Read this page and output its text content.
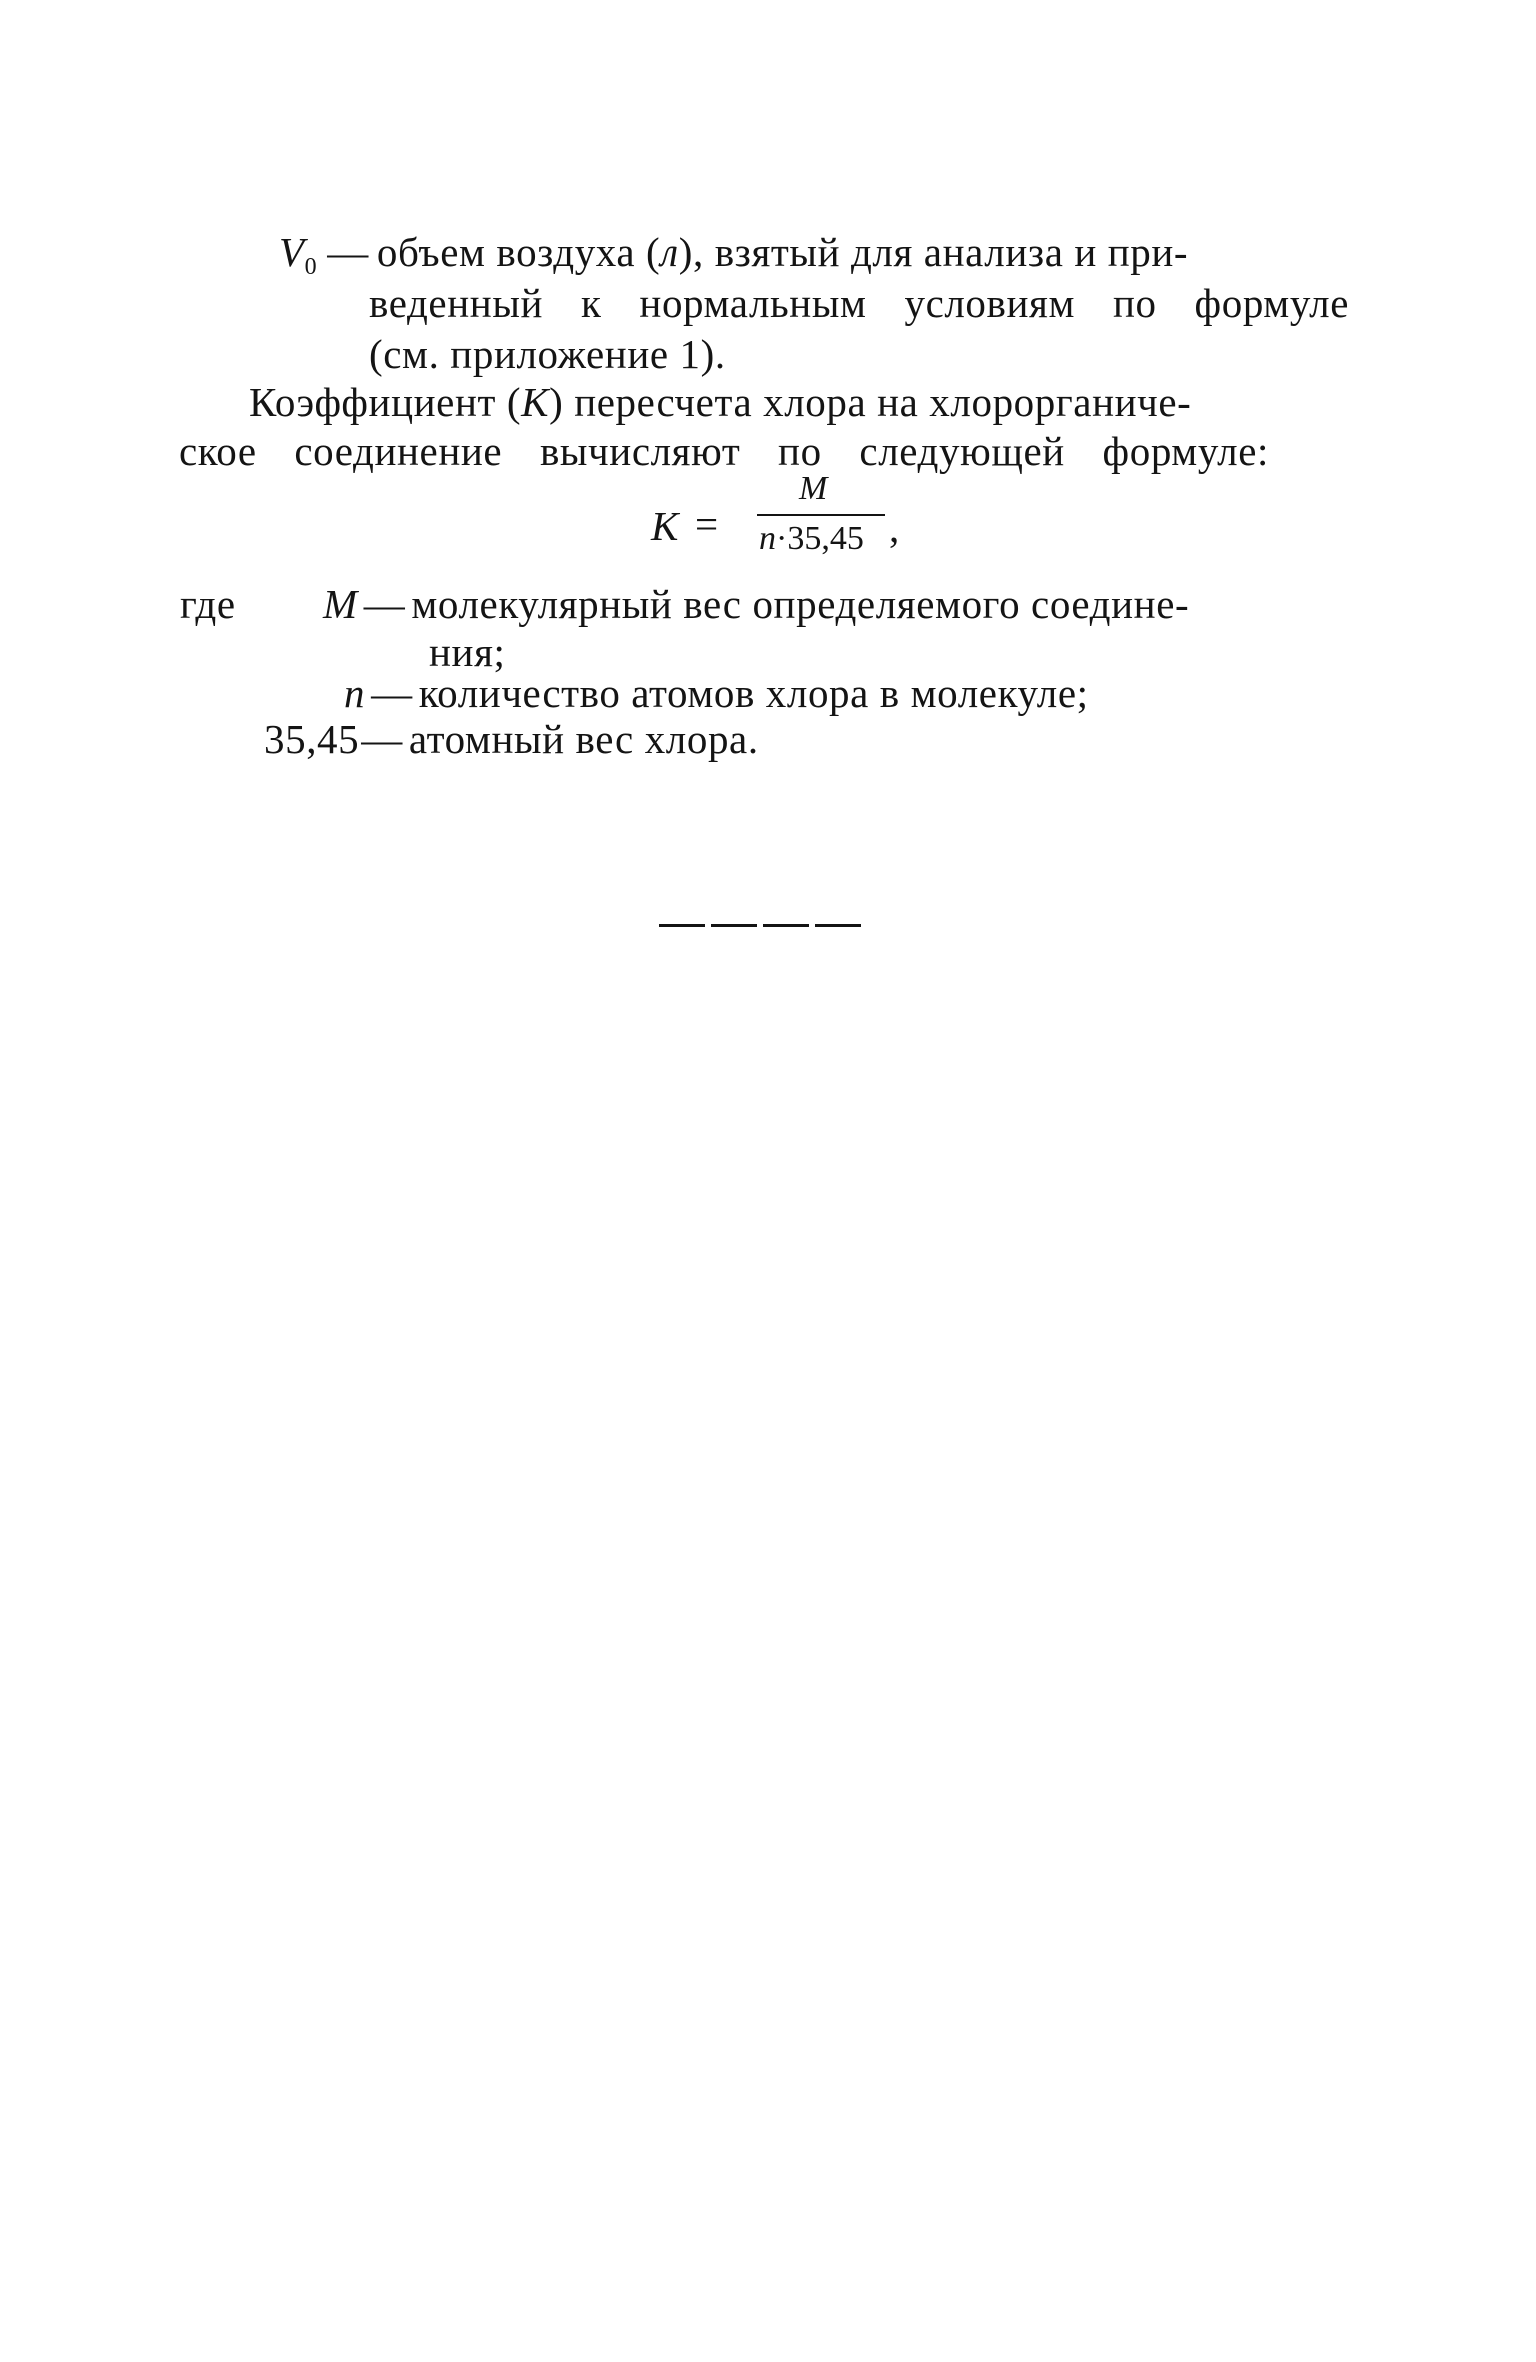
$V_0$ — объем воздуха (л), взятый для анализа и при-
веденный к нормальным условиям по формуле
(см. приложение 1).
Коэффициент (K) пересчета хлора на хлорорганиче-
ское соединение вычисляют по следующей формуле:
K =
M
n·35,45 ,
где M — молекулярный вес определяемого соедине-
ния;
n — количество атомов хлора в молекуле;
35,45— атомный вес хлора.
